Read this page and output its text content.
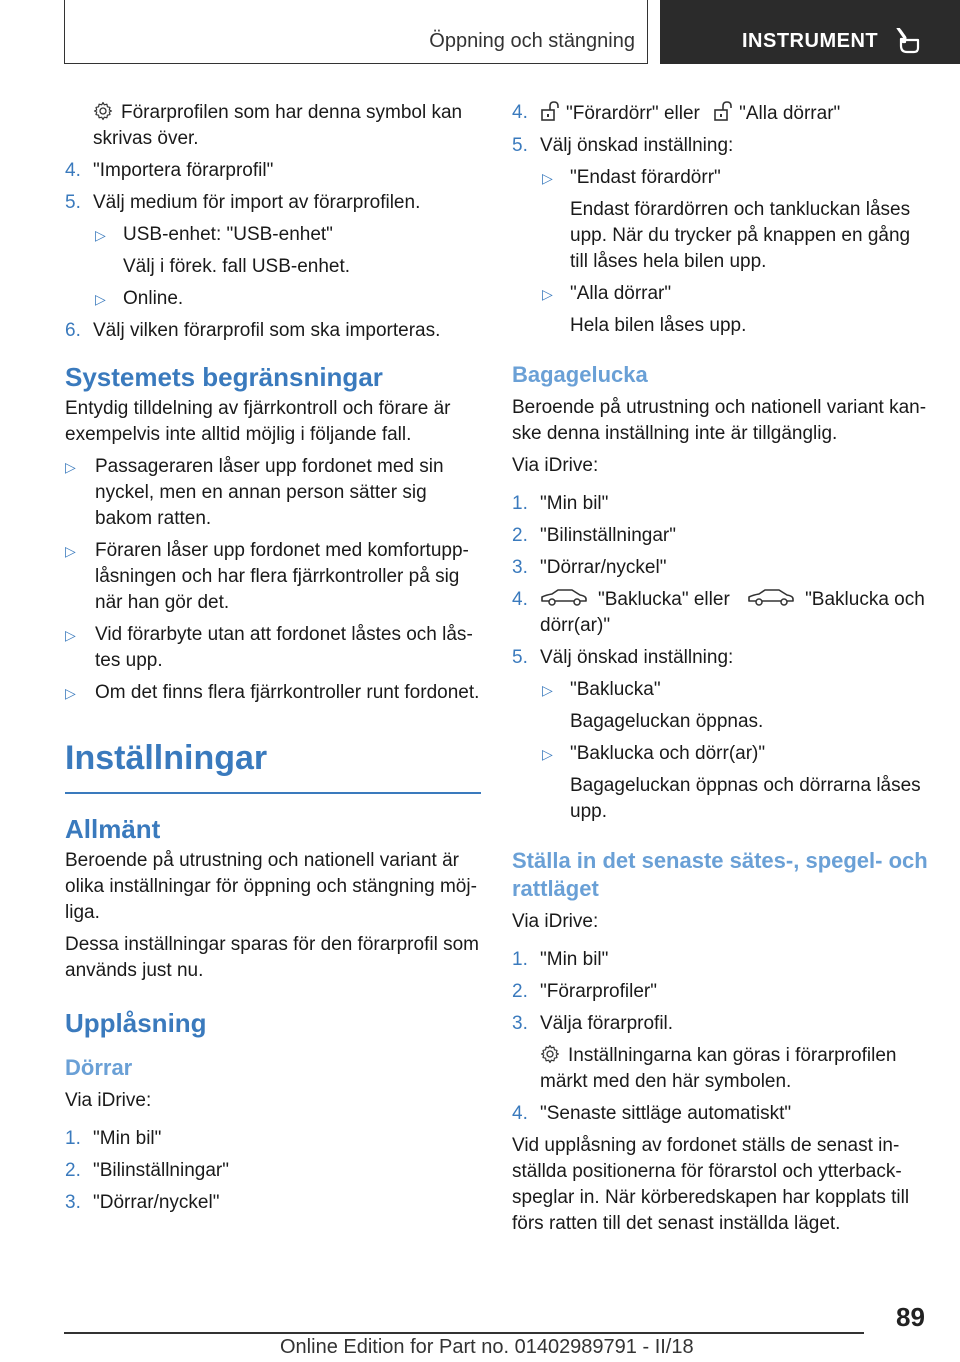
Öppning och stängning	INSTRUMENT

Förarprofilen som har denna symbol kan skrivas över.

4. "Importera förarprofil"
5. Välj medium för import av förarprofilen.
▷ USB-enhet: "USB-enhet"
Välj i förek. fall USB-enhet.
▷ Online.
6. Välj vilken förarprofil som ska importeras.
Systemets begränsningar

Entydig tilldelning av fjärrkontroll och förare är exempelvis inte alltid möjlig i följande fall.

▷ Passageraren låser upp fordonet med sin nyckel, men en annan person sätter sig bakom ratten.
▷ Föraren låser upp fordonet med komfortupplåsningen och har flera fjärrkontroller på sig när han gör det.
▷ Vid förarbyte utan att fordonet låstes och låstes upp.
▷ Om det finns flera fjärrkontroller runt fordonet.
Inställningar
Allmänt

Beroende på utrustning och nationell variant är olika inställningar för öppning och stängning möjliga.

Dessa inställningar sparas för den förarprofil som används just nu.

Upplåsning
Dörrar

Via iDrive:

1. "Min bil"
2. "Bilinställningar"
3. "Dörrar/nyckel"
4. "Förardörr" eller "Alla dörrar"
5. Välj önskad inställning:
▷ "Endast förardörr"
Endast förardörren och tankluckan låses upp. När du trycker på knappen en gång till låses hela bilen upp.
▷ "Alla dörrar"
Hela bilen låses upp.
Bagagelucka

Beroende på utrustning och nationell variant kanske denna inställning inte är tillgänglig.

Via iDrive:

1. "Min bil"
2. "Bilinställningar"
3. "Dörrar/nyckel"
4.	"Baklucka" eller	"Baklucka och dörr(ar)"
5. Välj önskad inställning:
▷ "Baklucka"
Bagageluckan öppnas.
▷ "Baklucka och dörr(ar)"
Bagageluckan öppnas och dörrarna låses upp.
Ställa in det senaste sätes-, spegel- och rattläget

Via iDrive:

1. "Min bil"
2. "Förarprofiler"
3. Välja förarprofil.

Inställningarna kan göras i förarprofilen märkt med den här symbolen.

4. "Senaste sittläge automatiskt"

Vid upplåsning av fordonet ställs de senast inställda positionerna för förarstol och ytterbackspeglar in. När körberedskapen har kopplats till förs ratten till det senast inställda läget.

89
Online Edition for Part no. 01402989791 - II/18
